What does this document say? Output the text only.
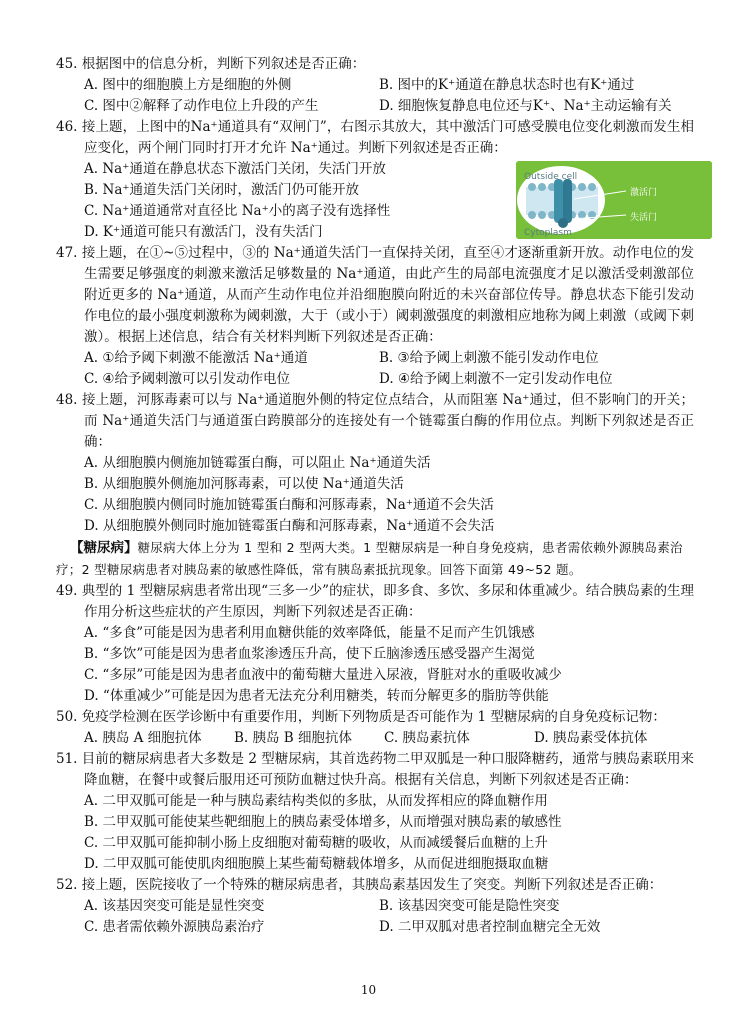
45. 根据图中的信息分析，判断下列叙述是否正确：
A. 图中的细胞膜上方是细胞的外侧	B. 图中的K⁺通道在静息状态时也有K⁺通过
C. 图中②解释了动作电位上升段的产生	D. 细胞恢复静息电位还与K⁺、Na⁺主动运输有关
46. 接上题，上图中的Na⁺通道具有“双闸门”，右图示其放大，其中激活门可感受膜电位变化刺激而发生相应变化，两个闸门同时打开才允许 Na⁺通过。判断下列叙述是否正确：
A. Na⁺通道在静息状态下激活门关闭，失活门开放
B. Na⁺通道失活门关闭时，激活门仍可能开放
C. Na⁺通道通常对直径比 Na⁺小的离子没有选择性
D. K⁺通道可能只有激活门，没有失活门
Outside cell
Cytoplasm
激活门
失活门
47. 接上题，在①~⑤过程中，③的 Na⁺通道失活门一直保持关闭，直至④才逐渐重新开放。动作电位的发生需要足够强度的刺激来激活足够数量的 Na⁺通道，由此产生的局部电流强度才足以激活受刺激部位附近更多的 Na⁺通道，从而产生动作电位并沿细胞膜向附近的未兴奋部位传导。静息状态下能引发动作电位的最小强度刺激称为阈刺激，大于（或小于）阈刺激强度的刺激相应地称为阈上刺激（或阈下刺激）。根据上述信息，结合有关材料判断下列叙述是否正确：
A. ①给予阈下刺激不能激活 Na⁺通道	B. ③给予阈上刺激不能引发动作电位
C. ④给予阈刺激可以引发动作电位	D. ④给予阈上刺激不一定引发动作电位
48. 接上题，河豚毒素可以与 Na⁺通道胞外侧的特定位点结合，从而阻塞 Na⁺通过，但不影响门的开关；而 Na⁺通道失活门与通道蛋白跨膜部分的连接处有一个链霉蛋白酶的作用位点。判断下列叙述是否正确：
A. 从细胞膜内侧施加链霉蛋白酶，可以阻止 Na⁺通道失活
B. 从细胞膜外侧施加河豚毒素，可以使 Na⁺通道失活
C. 从细胞膜内侧同时施加链霉蛋白酶和河豚毒素，Na⁺通道不会失活
D. 从细胞膜外侧同时施加链霉蛋白酶和河豚毒素，Na⁺通道不会失活

【糖尿病】糖尿病大体上分为 1 型和 2 型两大类。1 型糖尿病是一种自身免疫病，患者需依赖外源胰岛素治疗；2 型糖尿病患者对胰岛素的敏感性降低，常有胰岛素抵抗现象。回答下面第 49~52 题。

49. 典型的 1 型糖尿病患者常出现“三多一少”的症状，即多食、多饮、多尿和体重减少。结合胰岛素的生理作用分析这些症状的产生原因，判断下列叙述是否正确：
A. “多食”可能是因为患者利用血糖供能的效率降低，能量不足而产生饥饿感
B. “多饮”可能是因为患者血浆渗透压升高，使下丘脑渗透压感受器产生渴觉
C. “多尿”可能是因为患者血液中的葡萄糖大量进入尿液，肾脏对水的重吸收减少
D. “体重减少”可能是因为患者无法充分利用糖类，转而分解更多的脂肪等供能
50. 免疫学检测在医学诊断中有重要作用，判断下列物质是否可能作为 1 型糖尿病的自身免疫标记物：
A. 胰岛 A 细胞抗体	B. 胰岛 B 细胞抗体	C. 胰岛素抗体	D. 胰岛素受体抗体
51. 目前的糖尿病患者大多数是 2 型糖尿病，其首选药物二甲双胍是一种口服降糖药，通常与胰岛素联用来降血糖，在餐中或餐后服用还可预防血糖过快升高。根据有关信息，判断下列叙述是否正确：
A. 二甲双胍可能是一种与胰岛素结构类似的多肽，从而发挥相应的降血糖作用
B. 二甲双胍可能使某些靶细胞上的胰岛素受体增多，从而增强对胰岛素的敏感性
C. 二甲双胍可能抑制小肠上皮细胞对葡萄糖的吸收，从而减缓餐后血糖的上升
D. 二甲双胍可能使肌肉细胞膜上某些葡萄糖载体增多，从而促进细胞摄取血糖
52. 接上题，医院接收了一个特殊的糖尿病患者，其胰岛素基因发生了突变。判断下列叙述是否正确：
A. 该基因突变可能是显性突变	B. 该基因突变可能是隐性突变
C. 患者需依赖外源胰岛素治疗	D. 二甲双胍对患者控制血糖完全无效
10
